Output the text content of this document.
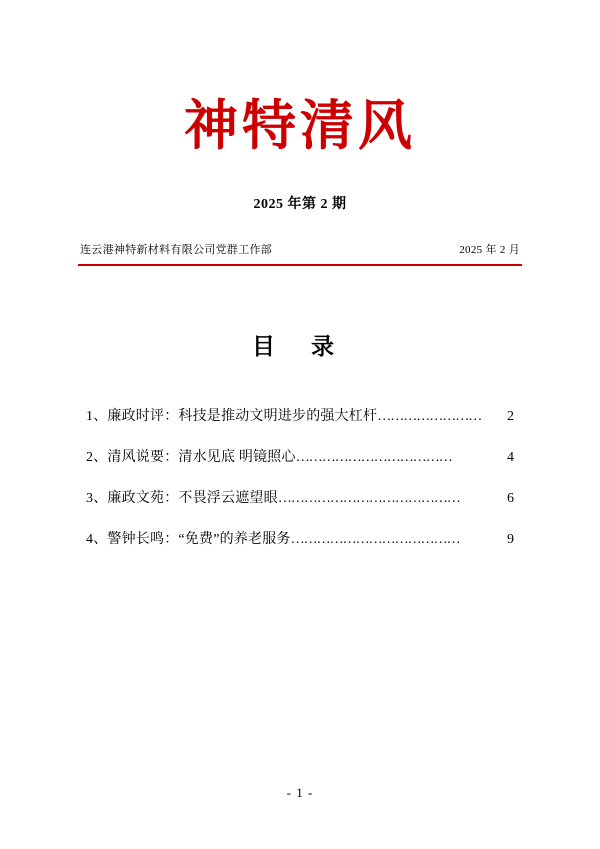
神特清风
2025 年第 2 期
连云港神特新材料有限公司党群工作部	2025 年 2 月
目 录
1、廉政时评：科技是推动文明进步的强大杠杆 ……………………	2
2、清风说要：清水见底 明镜照心 ………………………………	4
3、廉政文苑：不畏浮云遮望眼 ……………………………………	6
4、警钟长鸣：“免费”的养老服务 …………………………………	9
- 1 -
